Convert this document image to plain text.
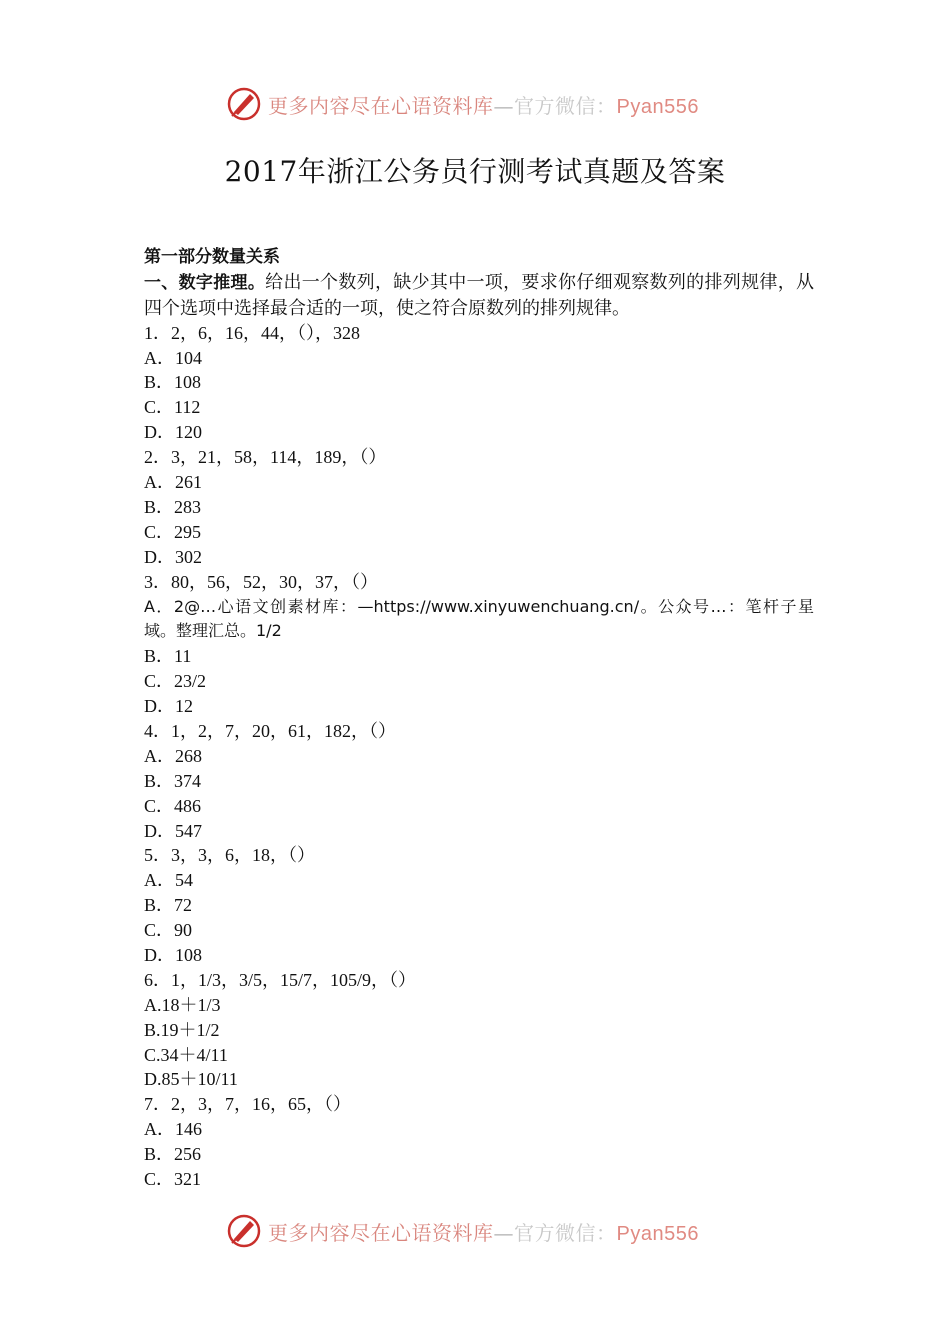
更多内容尽在心语资料库—官方微信：Pyan556
2017年浙江公务员行测考试真题及答案
第一部分数量关系
一、数字推理。给出一个数列，缺少其中一项，要求你仔细观察数列的排列规律，从四个选项中选择最合适的一项，使之符合原数列的排列规律。
1．2，6，16，44，（），328
A．104
B．108
C．112
D．120
2．3，21，58，114，189，（）
A．261
B．283
C．295
D．302
3．80，56，52，30，37，（）
A．2@…心语文创素材库：—https://www.xinyuwenchuang.cn/。公众号…：笔杆子星域。整理汇总。1/2
B．11
C．23/2
D．12
4．1，2，7，20，61，182，（）
A．268
B．374
C．486
D．547
5．3，3，6，18，（）
A．54
B．72
C．90
D．108
6．1，1/3，3/5，15/7，105/9，（）
A.18＋1/3
B.19＋1/2
C.34＋4/11
D.85＋10/11
7．2，3，7，16，65，（）
A．146
B．256
C．321
更多内容尽在心语资料库—官方微信：Pyan556
